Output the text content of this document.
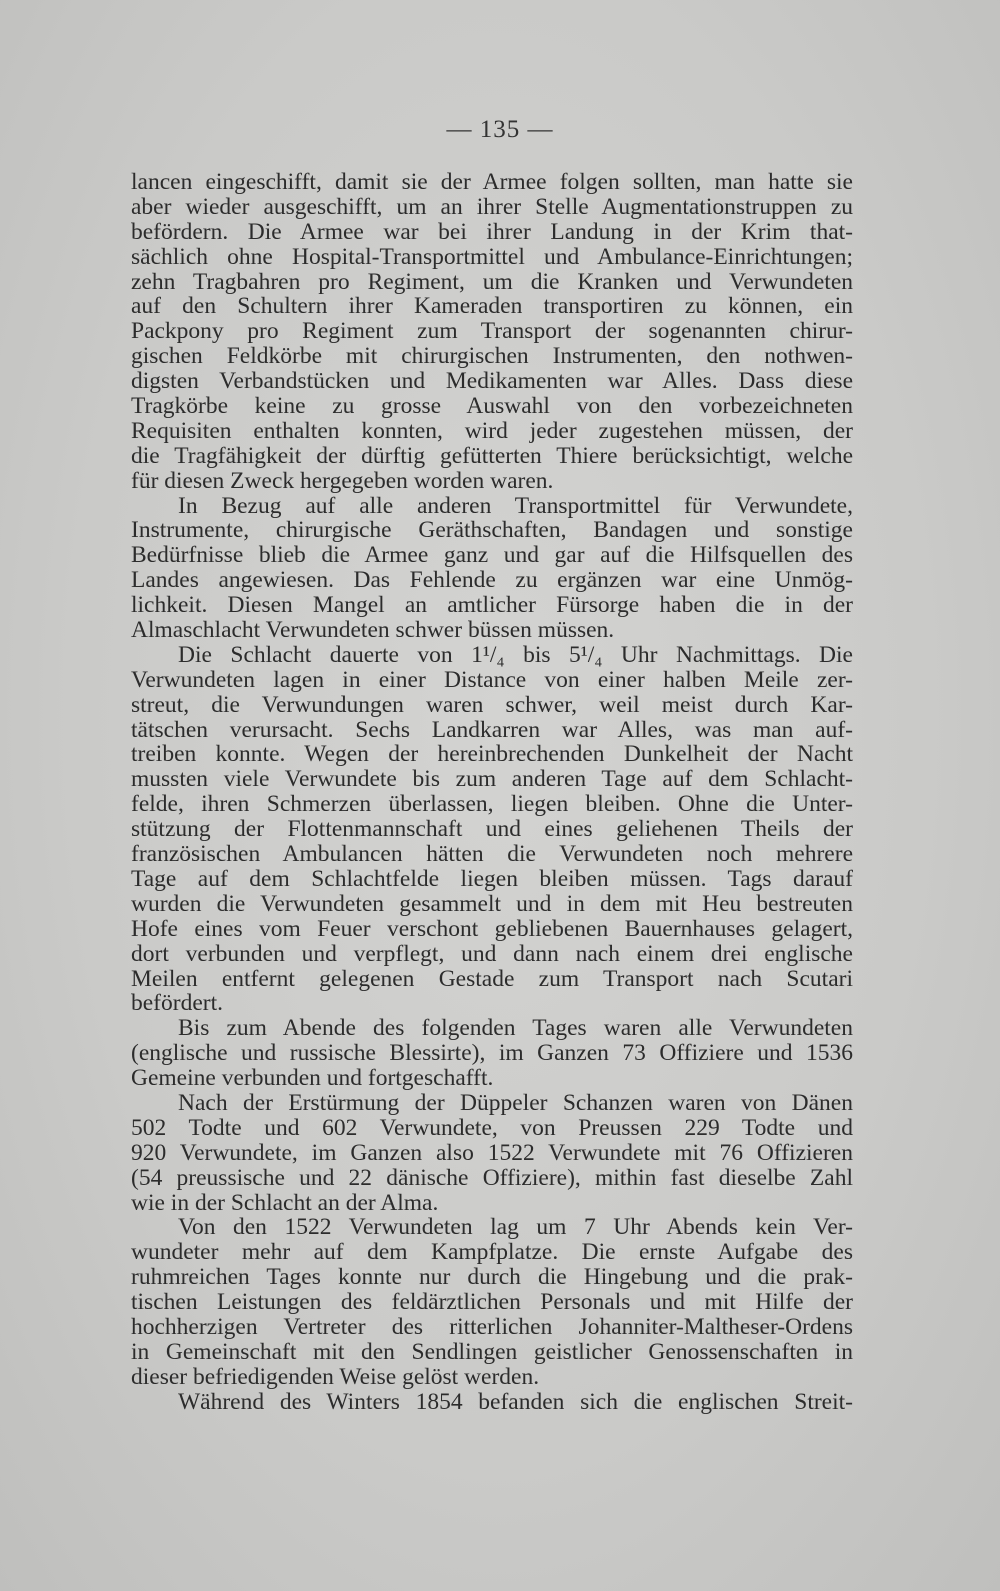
— 135 —
lancen eingeschifft, damit sie der Armee folgen sollten, man hatte sie
aber wieder ausgeschifft, um an ihrer Stelle Augmentationstruppen zu
befördern. Die Armee war bei ihrer Landung in der Krim that-
sächlich ohne Hospital-Transportmittel und Ambulance-Einrichtungen;
zehn Tragbahren pro Regiment, um die Kranken und Verwundeten
auf den Schultern ihrer Kameraden transportiren zu können, ein
Packpony pro Regiment zum Transport der sogenannten chirur-
gischen Feldkörbe mit chirurgischen Instrumenten, den nothwen-
digsten Verbandstücken und Medikamenten war Alles. Dass diese
Tragkörbe keine zu grosse Auswahl von den vorbezeichneten
Requisiten enthalten konnten, wird jeder zugestehen müssen, der
die Tragfähigkeit der dürftig gefütterten Thiere berücksichtigt, welche
für diesen Zweck hergegeben worden waren.
In Bezug auf alle anderen Transportmittel für Verwundete,
Instrumente, chirurgische Geräthschaften, Bandagen und sonstige
Bedürfnisse blieb die Armee ganz und gar auf die Hilfsquellen des
Landes angewiesen. Das Fehlende zu ergänzen war eine Unmög-
lichkeit. Diesen Mangel an amtlicher Fürsorge haben die in der
Almaschlacht Verwundeten schwer büssen müssen.
Die Schlacht dauerte von 1¹/₄ bis 5¹/₄ Uhr Nachmittags. Die
Verwundeten lagen in einer Distance von einer halben Meile zer-
streut, die Verwundungen waren schwer, weil meist durch Kar-
tätschen verursacht. Sechs Landkarren war Alles, was man auf-
treiben konnte. Wegen der hereinbrechenden Dunkelheit der Nacht
mussten viele Verwundete bis zum anderen Tage auf dem Schlacht-
felde, ihren Schmerzen überlassen, liegen bleiben. Ohne die Unter-
stützung der Flottenmannschaft und eines geliehenen Theils der
französischen Ambulancen hätten die Verwundeten noch mehrere
Tage auf dem Schlachtfelde liegen bleiben müssen. Tags darauf
wurden die Verwundeten gesammelt und in dem mit Heu bestreuten
Hofe eines vom Feuer verschont gebliebenen Bauernhauses gelagert,
dort verbunden und verpflegt, und dann nach einem drei englische
Meilen entfernt gelegenen Gestade zum Transport nach Scutari
befördert.
Bis zum Abende des folgenden Tages waren alle Verwundeten
(englische und russische Blessirte), im Ganzen 73 Offiziere und 1536
Gemeine verbunden und fortgeschafft.
Nach der Erstürmung der Düppeler Schanzen waren von Dänen
502 Todte und 602 Verwundete, von Preussen 229 Todte und
920 Verwundete, im Ganzen also 1522 Verwundete mit 76 Offizieren
(54 preussische und 22 dänische Offiziere), mithin fast dieselbe Zahl
wie in der Schlacht an der Alma.
Von den 1522 Verwundeten lag um 7 Uhr Abends kein Ver-
wundeter mehr auf dem Kampfplatze. Die ernste Aufgabe des
ruhmreichen Tages konnte nur durch die Hingebung und die prak-
tischen Leistungen des feldärztlichen Personals und mit Hilfe der
hochherzigen Vertreter des ritterlichen Johanniter-Maltheser-Ordens
in Gemeinschaft mit den Sendlingen geistlicher Genossenschaften in
dieser befriedigenden Weise gelöst werden.
Während des Winters 1854 befanden sich die englischen Streit-
